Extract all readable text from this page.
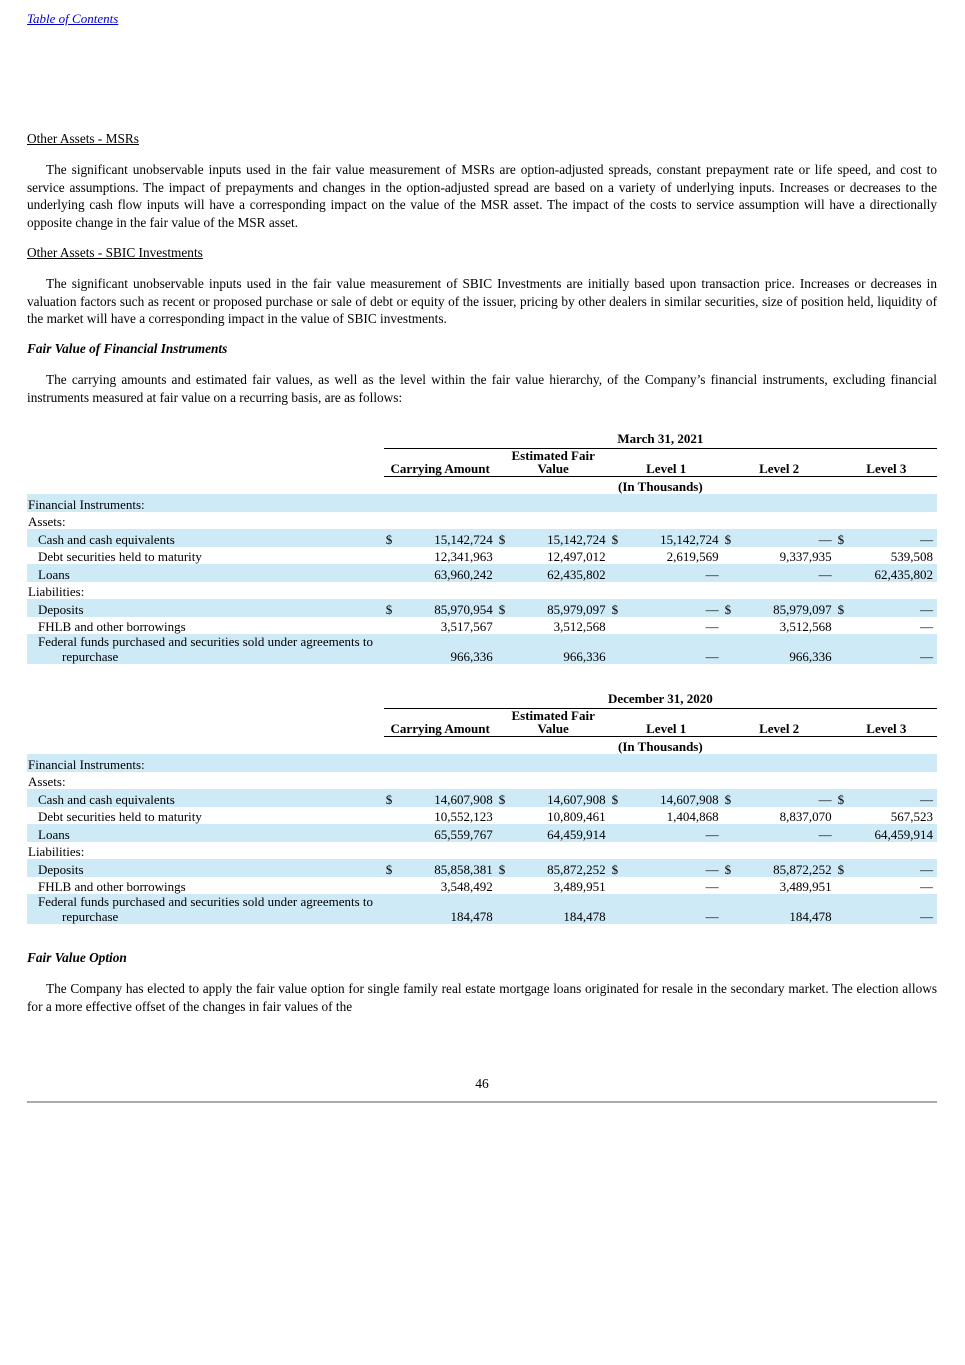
Table of Contents
Other Assets - MSRs

The significant unobservable inputs used in the fair value measurement of MSRs are option-adjusted spreads, constant prepayment rate or life speed, and cost to service assumptions. The impact of prepayments and changes in the option-adjusted spread are based on a variety of underlying inputs. Increases or decreases to the underlying cash flow inputs will have a corresponding impact on the value of the MSR asset. The impact of the costs to service assumption will have a directionally opposite change in the fair value of the MSR asset.

Other Assets - SBIC Investments

The significant unobservable inputs used in the fair value measurement of SBIC Investments are initially based upon transaction price. Increases or decreases in valuation factors such as recent or proposed purchase or sale of debt or equity of the issuer, pricing by other dealers in similar securities, size of position held, liquidity of the market will have a corresponding impact in the value of SBIC investments.

Fair Value of Financial Instruments

The carrying amounts and estimated fair values, as well as the level within the fair value hierarchy, of the Company’s financial instruments, excluding financial instruments measured at fair value on a recurring basis, are as follows:

	March 31, 2021									
	Carrying Amount		Estimated Fair Value		Level 1		Level 2		Level 3	
	(In Thousands)									
Financial Instruments:										
Assets:										
Cash and cash equivalents	$	15,142,724	$	15,142,724	$	15,142,724	$	—	$	—
Debt securities held to maturity		12,341,963		12,497,012		2,619,569		9,337,935		539,508
Loans		63,960,242		62,435,802		—		—		62,435,802
Liabilities:										
Deposits	$	85,970,954	$	85,979,097	$	—	$	85,979,097	$	—
FHLB and other borrowings		3,517,567		3,512,568		—		3,512,568		—
Federal funds purchased and securities sold under agreements to
repurchase		966,336		966,336		—		966,336		—
	December 31, 2020									
	Carrying Amount		Estimated Fair Value		Level 1		Level 2		Level 3	
	(In Thousands)									
Financial Instruments:										
Assets:										
Cash and cash equivalents	$	14,607,908	$	14,607,908	$	14,607,908	$	—	$	—
Debt securities held to maturity		10,552,123		10,809,461		1,404,868		8,837,070		567,523
Loans		65,559,767		64,459,914		—		—		64,459,914
Liabilities:										
Deposits	$	85,858,381	$	85,872,252	$	—	$	85,872,252	$	—
FHLB and other borrowings		3,548,492		3,489,951		—		3,489,951		—
Federal funds purchased and securities sold under agreements to
repurchase		184,478		184,478		—		184,478		—
Fair Value Option

The Company has elected to apply the fair value option for single family real estate mortgage loans originated for resale in the secondary market. The election allows for a more effective offset of the changes in fair values of the

46
